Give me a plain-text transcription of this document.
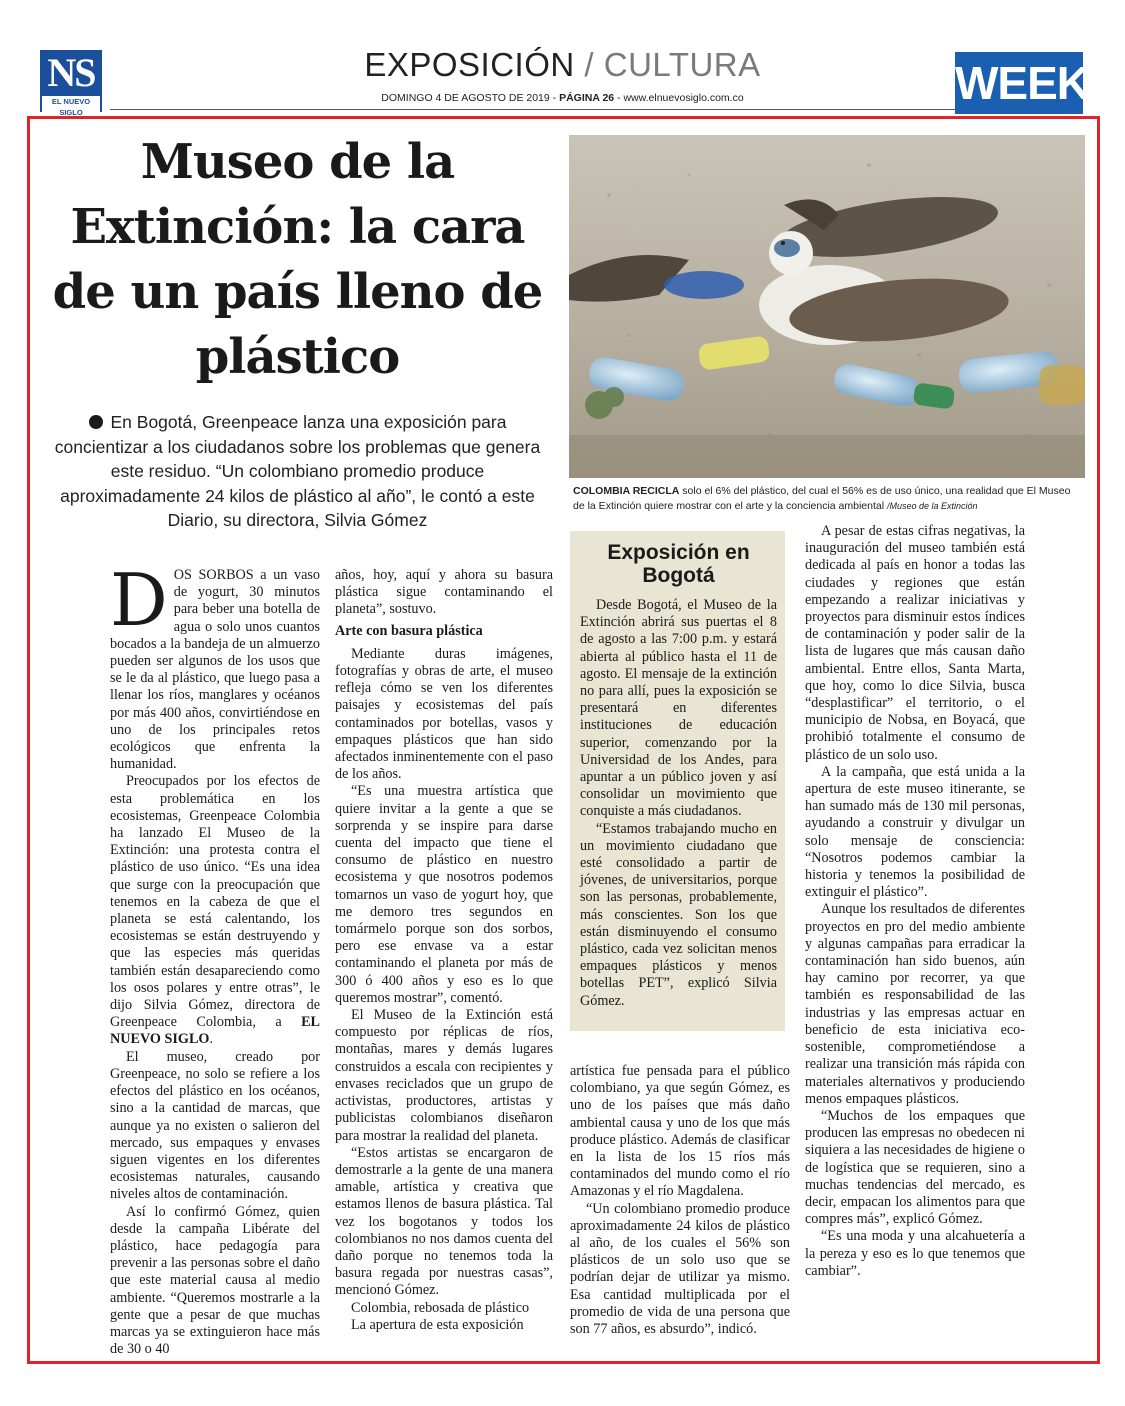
NS
EL NUEVO SIGLO
EXPOSICIÓN / CULTURA
DOMINGO 4 DE AGOSTO DE 2019 - PÁGINA 26 - www.elnuevosiglo.com.co	WEEK
Museo de la Extinción: la cara de un país lleno de plástico
En Bogotá, Greenpeace lanza una exposición para concientizar a los ciudadanos sobre los problemas que genera este residuo. “Un colombiano promedio produce aproximadamente 24 kilos de plástico al año”, le contó a este Diario, su directora, Silvia Gómez
COLOMBIA RECICLA solo el 6% del plástico, del cual el 56% es de uso único, una realidad que El Museo de la Extinción quiere mostrar con el arte y la conciencia ambiental /Museo de la Extinción

DOS SORBOS a un vaso de yogurt, 30 minutos para beber una botella de agua o solo unos cuantos bocados a la bandeja de un almuerzo pueden ser algunos de los usos que se le da al plástico, que luego pasa a llenar los ríos, manglares y océanos por más 400 años, convirtiéndose en uno de los principales retos ecológicos que enfrenta la humanidad.

Preocupados por los efectos de esta problemática en los ecosistemas, Greenpeace Colombia ha lanzado El Museo de la Extinción: una protesta contra el plástico de uso único. “Es una idea que surge con la preocupación que tenemos en la cabeza de que el planeta se está calentando, los ecosistemas se están destruyendo y que las especies más queridas también están desapareciendo como los osos polares y entre otras”, le dijo Silvia Gómez, directora de Greenpeace Colombia, a EL NUEVO SIGLO.

El museo, creado por Greenpeace, no solo se refiere a los efectos del plástico en los océanos, sino a la cantidad de marcas, que aunque ya no existen o salieron del mercado, sus empaques y envases siguen vigentes en los diferentes ecosistemas naturales, causando niveles altos de contaminación.

Así lo confirmó Gómez, quien desde la campaña Libérate del plástico, hace pedagogía para prevenir a las personas sobre el daño que este material causa al medio ambiente. “Queremos mostrarle a la gente que a pesar de que muchas marcas ya se extinguieron hace más de 30 o 40

años, hoy, aquí y ahora su basura plástica sigue contaminando el planeta”, sostuvo.

Arte con basura plástica

Mediante duras imágenes, fotografías y obras de arte, el museo refleja cómo se ven los diferentes paisajes y ecosistemas del país contaminados por botellas, vasos y empaques plásticos que han sido afectados inminentemente con el paso de los años.

“Es una muestra artística que quiere invitar a la gente a que se sorprenda y se inspire para darse cuenta del impacto que tiene el consumo de plástico en nuestro ecosistema y que nosotros podemos tomarnos un vaso de yogurt hoy, que me demoro tres segundos en tomármelo porque son dos sorbos, pero ese envase va a estar contaminando el planeta por más de 300 ó 400 años y eso es lo que queremos mostrar”, comentó.

El Museo de la Extinción está compuesto por réplicas de ríos, montañas, mares y demás lugares construidos a escala con recipientes y envases reciclados que un grupo de activistas, productores, artistas y publicistas colombianos diseñaron para mostrar la realidad del planeta.

“Estos artistas se encargaron de demostrarle a la gente de una manera amable, artística y creativa que estamos llenos de basura plástica. Tal vez los bogotanos y todos los colombianos no nos damos cuenta del daño porque no tenemos toda la basura regada por nuestras casas”, mencionó Gómez.

Colombia, rebosada de plástico

La apertura de esta exposición

Exposición en Bogotá

Desde Bogotá, el Museo de la Extinción abrirá sus puertas el 8 de agosto a las 7:00 p.m. y estará abierta al público hasta el 11 de agosto. El mensaje de la extinción no para allí, pues la exposición se presentará en diferentes instituciones de educación superior, comenzando por la Universidad de los Andes, para apuntar a un público joven y así consolidar un movimiento que conquiste a más ciudadanos.

“Estamos trabajando mucho en un movimiento ciudadano que esté consolidado a partir de jóvenes, de universitarios, porque son las personas, probablemente, más conscientes. Son los que están disminuyendo el consumo plástico, cada vez solicitan menos empaques plásticos y menos botellas PET”, explicó Silvia Gómez.

artística fue pensada para el público colombiano, ya que según Gómez, es uno de los países que más daño ambiental causa y uno de los que más produce plástico. Además de clasificar en la lista de los 15 ríos más contaminados del mundo como el río Amazonas y el río Magdalena.

“Un colombiano promedio produce aproximadamente 24 kilos de plástico al año, de los cuales el 56% son plásticos de un solo uso que se podrían dejar de utilizar ya mismo. Esa cantidad multiplicada por el promedio de vida de una persona que son 77 años, es absurdo”, indicó.

A pesar de estas cifras negativas, la inauguración del museo también está dedicada al país en honor a todas las ciudades y regiones que están empezando a realizar iniciativas y proyectos para disminuir estos índices de contaminación y poder salir de la lista de lugares que más causan daño ambiental. Entre ellos, Santa Marta, que hoy, como lo dice Silvia, busca “desplastificar” el territorio, o el municipio de Nobsa, en Boyacá, que prohibió totalmente el consumo de plástico de un solo uso.

A la campaña, que está unida a la apertura de este museo itinerante, se han sumado más de 130 mil personas, ayudando a construir y divulgar un solo mensaje de consciencia: “Nosotros podemos cambiar la historia y tenemos la posibilidad de extinguir el plástico”.

Aunque los resultados de diferentes proyectos en pro del medio ambiente y algunas campañas para erradicar la contaminación han sido buenos, aún hay camino por recorrer, ya que también es responsabilidad de las industrias y las empresas actuar en beneficio de esta iniciativa eco-sostenible, comprometiéndose a realizar una transición más rápida con materiales alternativos y produciendo menos empaques plásticos.

“Muchos de los empaques que producen las empresas no obedecen ni siquiera a las necesidades de higiene o de logística que se requieren, sino a muchas tendencias del mercado, es decir, empacan los alimentos para que compres más”, explicó Gómez.

“Es una moda y una alcahuetería a la pereza y eso es lo que tenemos que cambiar”.
